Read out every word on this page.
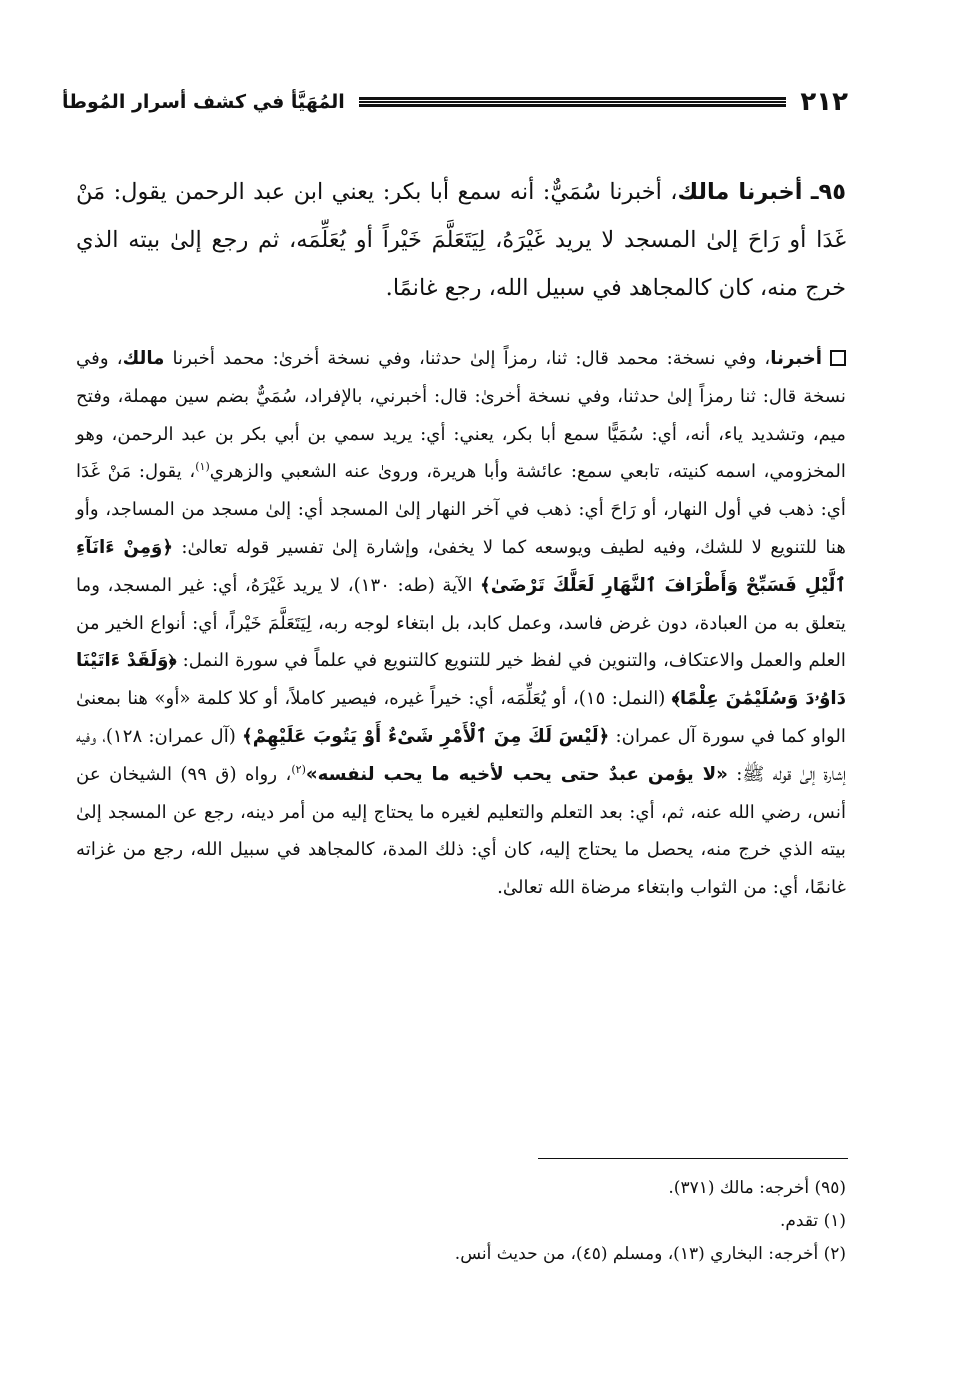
٢١٢
المُهَيَّأ في كشف أسرار المُوطأ

٩٥ـ أخبرنا مالك، أخبرنا سُمَيٌّ: أنه سمع أبا بكر: يعني ابن عبد الرحمن يقول: مَنْ غَدَا أو رَاحَ إلىٰ المسجد لا يريد غَيْرَهُ، لِيَتَعَلَّمَ خَيْراً أو يُعَلِّمَه، ثم رجع إلىٰ بيته الذي خرج منه، كان كالمجاهد في سبيل الله، رجع غانمًا.

أخبرنا، وفي نسخة: محمد قال: ثنا، رمزاً إلىٰ حدثنا، وفي نسخة أخرىٰ: محمد أخبرنا مالك، وفي نسخة قال: ثنا رمزاً إلىٰ حدثنا، وفي نسخة أخرىٰ: قال: أخبرني، بالإفراد، سُمَيٌّ بضم سين مهملة، وفتح ميم، وتشديد ياء، أنه، أي: سُمَيًّا سمع أبا بكر، يعني: أي: يريد سمي بن أبي بكر بن عبد الرحمن، وهو المخزومي، اسمه كنيته، تابعي سمع: عائشة وأبا هريرة، وروىٰ عنه الشعبي والزهري$^{(١)}$، يقول: مَنْ غَدَا أي: ذهب في أول النهار، أو رَاحَ أي: ذهب في آخر النهار إلىٰ المسجد أي: إلىٰ مسجد من المساجد، وأو هنا للتنويع لا للشك، وفيه لطيف ويوسعه كما لا يخفىٰ، وإشارة إلىٰ تفسير قوله تعالىٰ: ﴿وَمِنْ ءَانَآءِ ٱلَّيْلِ فَسَبِّحْ وَأَطْرَافَ ٱلنَّهَارِ لَعَلَّكَ تَرْضَىٰ﴾ الآية (طه: ١٣٠)، لا يريد غَيْرَهُ، أي: غير المسجد، وما يتعلق به من العبادة، دون غرض فاسد، وعمل كابد، بل ابتغاء لوجه ربه، لِيَتَعَلَّمَ خَيْراً، أي: أنواع الخير من العلم والعمل والاعتكاف، والتنوين في لفظ خير للتنويع كالتنويع في علماً في سورة النمل: ﴿وَلَقَدْ ءَاتَيْنَا دَاوُۥدَ وَسُلَيْمَٰنَ عِلْمًا﴾ (النمل: ١٥)، أو يُعَلِّمَه، أي: خيراً غيره، فيصير كاملاً، أو كلا كلمة «أو» هنا بمعنىٰ الواو كما في سورة آل عمران: ﴿لَيْسَ لَكَ مِنَ ٱلْأَمْرِ شَىْءٌ أَوْ يَتُوبَ عَلَيْهِمْ﴾ (آل عمران: ١٢٨)، وفيه إشارة إلىٰ قوله ﷺ: «لا يؤمن عبدٌ حتى يحب لأخيه ما يحب لنفسه»$^{(٢)}$، رواه (ق ٩٩) الشيخان عن أنس، رضي الله عنه، ثم، أي: بعد التعلم والتعليم لغيره ما يحتاج إليه من أمر دينه، رجع عن المسجد إلىٰ بيته الذي خرج منه، يحصل ما يحتاج إليه، كان أي: ذلك المدة، كالمجاهد في سبيل الله، رجع من غزاته غانمًا، أي: من الثواب وابتغاء مرضاة الله تعالىٰ.

(٩٥) أخرجه: مالك (٣٧١).
(١) تقدم.
(٢) أخرجه: البخاري (١٣)، ومسلم (٤٥)، من حديث أنس.
